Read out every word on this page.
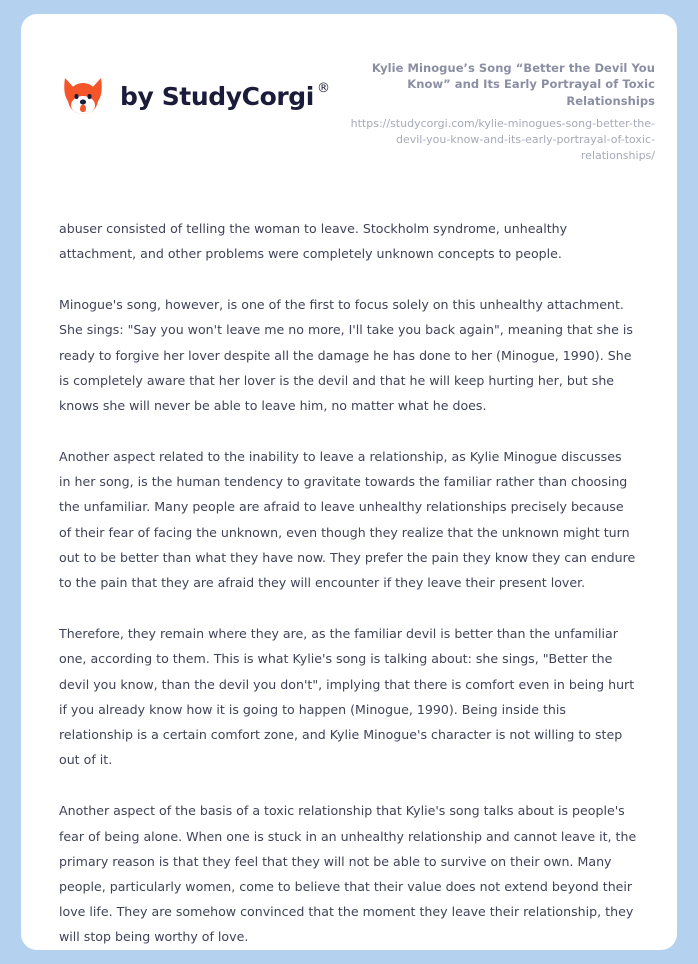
by StudyCorgi ®

Kylie Minogue’s Song “Better the Devil You Know” and Its Early Portrayal of Toxic Relationships

https://studycorgi.com/kylie-minogues-song-better-the-devil-you-know-and-its-early-portrayal-of-toxic-relationships/

abuser consisted of telling the woman to leave. Stockholm syndrome, unhealthy attachment, and other problems were completely unknown concepts to people.

Minogue's song, however, is one of the first to focus solely on this unhealthy attachment. She sings: "Say you won't leave me no more, I'll take you back again", meaning that she is ready to forgive her lover despite all the damage he has done to her (Minogue, 1990). She is completely aware that her lover is the devil and that he will keep hurting her, but she knows she will never be able to leave him, no matter what he does.

Another aspect related to the inability to leave a relationship, as Kylie Minogue discusses in her song, is the human tendency to gravitate towards the familiar rather than choosing the unfamiliar. Many people are afraid to leave unhealthy relationships precisely because of their fear of facing the unknown, even though they realize that the unknown might turn out to be better than what they have now. They prefer the pain they know they can endure to the pain that they are afraid they will encounter if they leave their present lover.

Therefore, they remain where they are, as the familiar devil is better than the unfamiliar one, according to them. This is what Kylie's song is talking about: she sings, "Better the devil you know, than the devil you don't", implying that there is comfort even in being hurt if you already know how it is going to happen (Minogue, 1990). Being inside this relationship is a certain comfort zone, and Kylie Minogue's character is not willing to step out of it.

Another aspect of the basis of a toxic relationship that Kylie's song talks about is people's fear of being alone. When one is stuck in an unhealthy relationship and cannot leave it, the primary reason is that they feel that they will not be able to survive on their own. Many people, particularly women, come to believe that their value does not extend beyond their love life. They are somehow convinced that the moment they leave their relationship, they will stop being worthy of love.
